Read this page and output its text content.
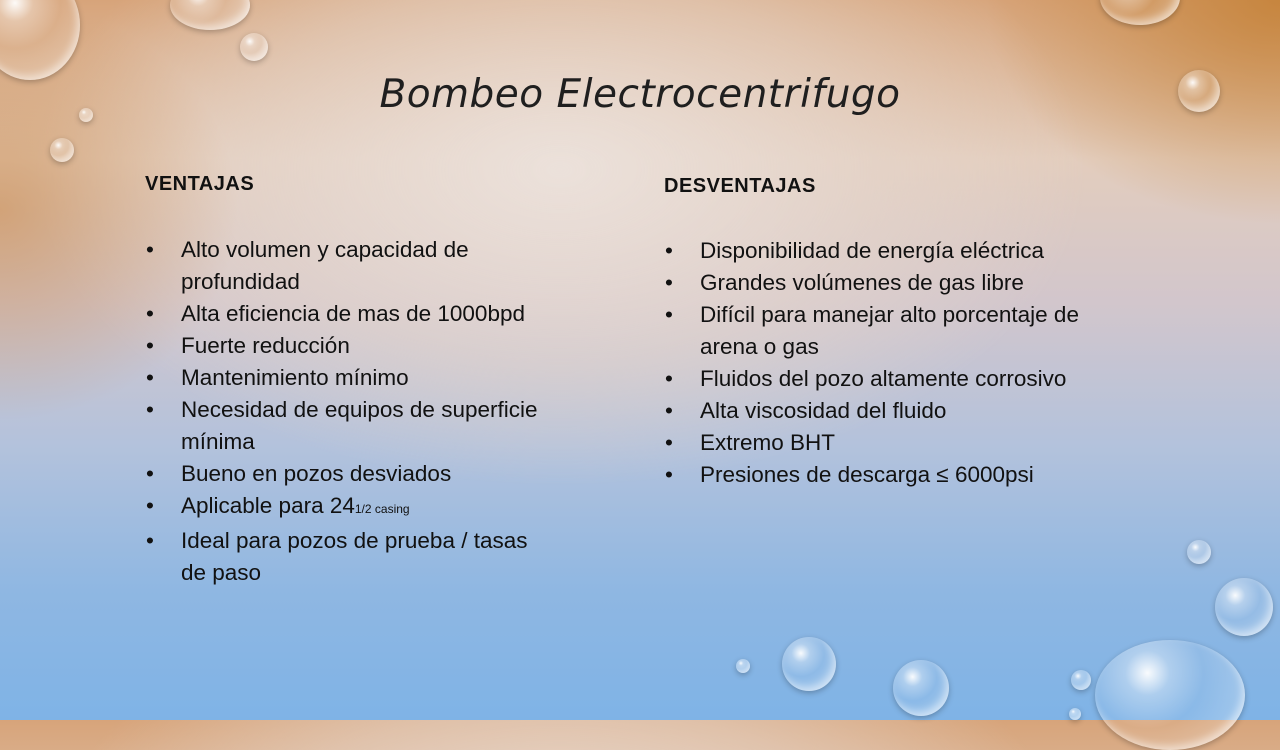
Bombeo Electrocentrifugo
VENTAJAS
• Alto volumen y capacidad de profundidad
• Alta eficiencia de mas de 1000bpd
• Fuerte reducción
• Mantenimiento mínimo
• Necesidad de equipos de superficie mínima
• Bueno en pozos desviados
• Aplicable para 241/2 casing
• Ideal para pozos de prueba / tasas de paso
DESVENTAJAS
• Disponibilidad de energía eléctrica
• Grandes volúmenes de gas libre
• Difícil para manejar alto porcentaje de arena o gas
• Fluidos del pozo altamente corrosivo
• Alta viscosidad del fluido
• Extremo BHT
• Presiones de descarga ≤ 6000psi
